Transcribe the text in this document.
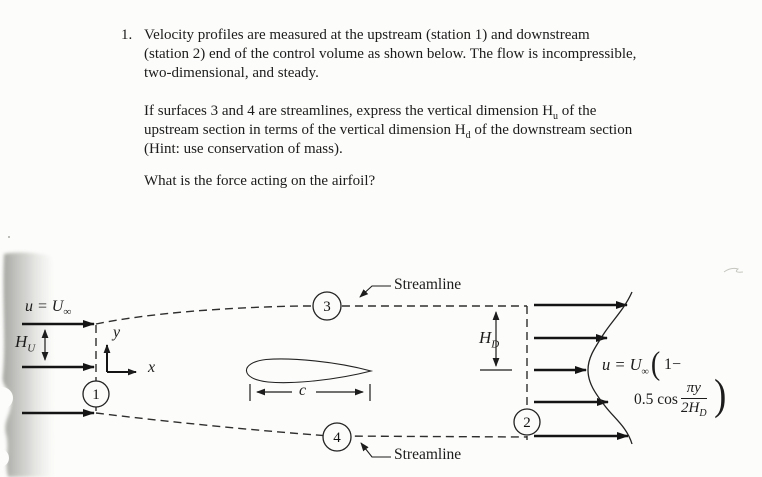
1. Velocity profiles are measured at the upstream (station 1) and downstream
(station 2) end of the control volume as shown below. The flow is incompressible,
two-dimensional, and steady.
If surfaces 3 and 4 are streamlines, express the vertical dimension $H_u$ of the
upstream section in terms of the vertical dimension $H_d$ of the downstream section
(Hint: use conservation of mass).
What is the force acting on the airfoil?
1
3
4
2
$u = U_\infty$
$H_U$
$H_D$
y
x
c
Streamline
Streamline
$u = U_\infty$ ( 1−
0.5 $\cos \frac{\pi y}{2H_D}$ )
